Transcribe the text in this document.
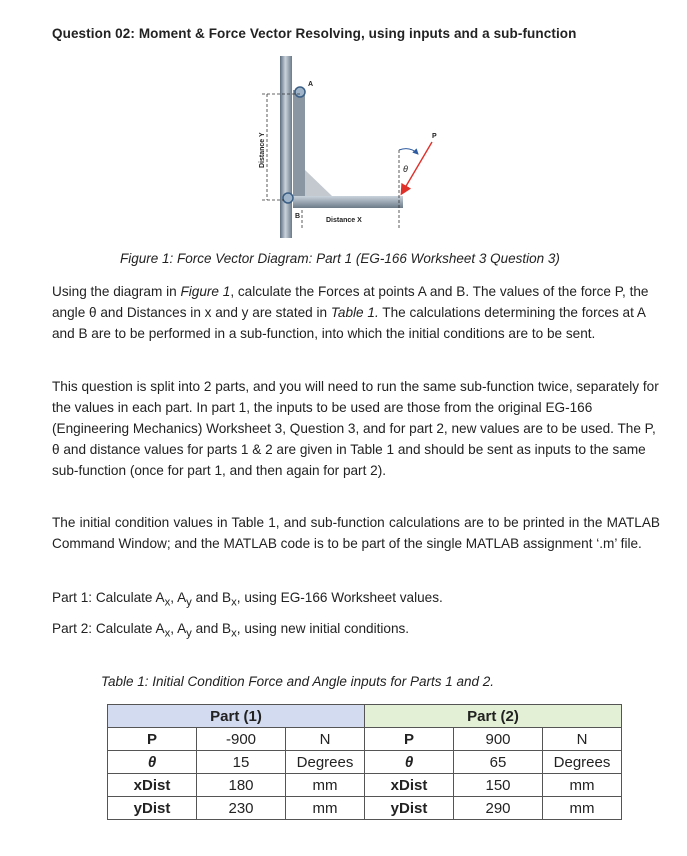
Question 02: Moment & Force Vector Resolving, using inputs and a sub-function
A
B
Distance Y
Distance X
θ
P
Figure 1: Force Vector Diagram: Part 1 (EG-166 Worksheet 3 Question 3)
Using the diagram in Figure 1, calculate the Forces at points A and B. The values of the force P, the angle θ and Distances in x and y are stated in Table 1. The calculations determining the forces at A and B are to be performed in a sub-function, into which the initial conditions are to be sent.
This question is split into 2 parts, and you will need to run the same sub-function twice, separately for the values in each part. In part 1, the inputs to be used are those from the original EG-166 (Engineering Mechanics) Worksheet 3, Question 3, and for part 2, new values are to be used. The P, θ and distance values for parts 1 & 2 are given in Table 1 and should be sent as inputs to the same sub-function (once for part 1, and then again for part 2).
The initial condition values in Table 1, and sub-function calculations are to be printed in the MATLAB Command Window; and the MATLAB code is to be part of the single MATLAB assignment ‘.m’ file.
Part 1: Calculate $A_x$, $A_y$ and $B_x$, using EG-166 Worksheet values.
Part 2: Calculate $A_x$, $A_y$ and $B_x$, using new initial conditions.
Table 1: Initial Condition Force and Angle inputs for Parts 1 and 2.
Part (1)			Part (2)		
P	-900	N	P	900	N
θ	15	Degrees	θ	65	Degrees
xDist	180	mm	xDist	150	mm
yDist	230	mm	yDist	290	mm
